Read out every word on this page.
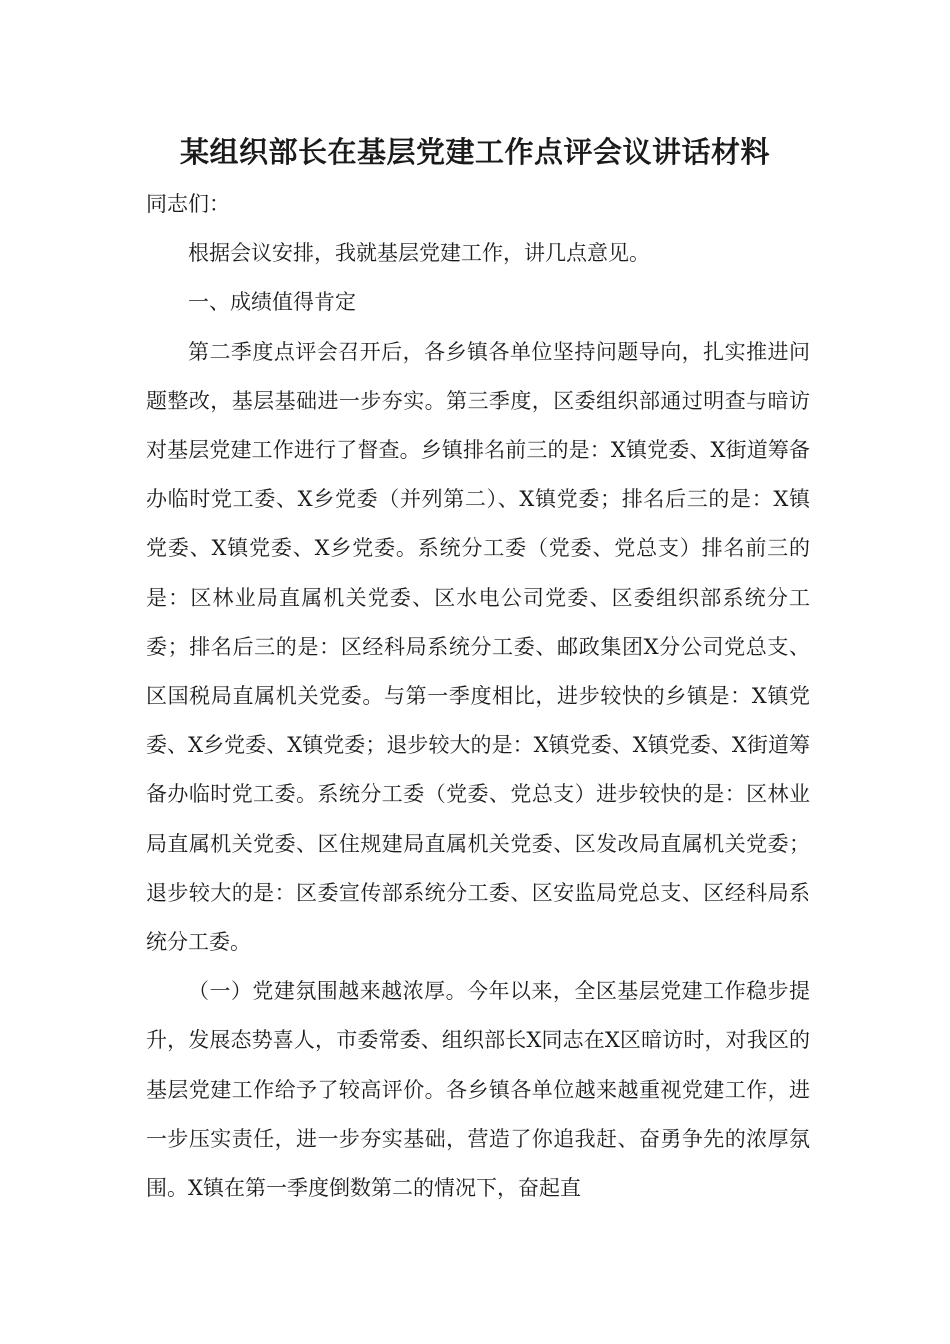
某组织部长在基层党建工作点评会议讲话材料

同志们：

根据会议安排，我就基层党建工作，讲几点意见。

一、成绩值得肯定

第二季度点评会召开后，各乡镇各单位坚持问题导向，扎实推进问题整改，基层基础进一步夯实。第三季度，区委组织部通过明查与暗访对基层党建工作进行了督查。乡镇排名前三的是：X镇党委、X街道筹备办临时党工委、X乡党委（并列第二）、X镇党委；排名后三的是：X镇党委、X镇党委、X乡党委。系统分工委（党委、党总支）排名前三的是：区林业局直属机关党委、区水电公司党委、区委组织部系统分工委；排名后三的是：区经科局系统分工委、邮政集团X分公司党总支、区国税局直属机关党委。与第一季度相比，进步较快的乡镇是：X镇党委、X乡党委、X镇党委；退步较大的是：X镇党委、X镇党委、X街道筹备办临时党工委。系统分工委（党委、党总支）进步较快的是：区林业局直属机关党委、区住规建局直属机关党委、区发改局直属机关党委；退步较大的是：区委宣传部系统分工委、区安监局党总支、区经科局系统分工委。

（一）党建氛围越来越浓厚。今年以来，全区基层党建工作稳步提升，发展态势喜人，市委常委、组织部长X同志在X区暗访时，对我区的基层党建工作给予了较高评价。各乡镇各单位越来越重视党建工作，进一步压实责任，进一步夯实基础，营造了你追我赶、奋勇争先的浓厚氛围。X镇在第一季度倒数第二的情况下，奋起直
